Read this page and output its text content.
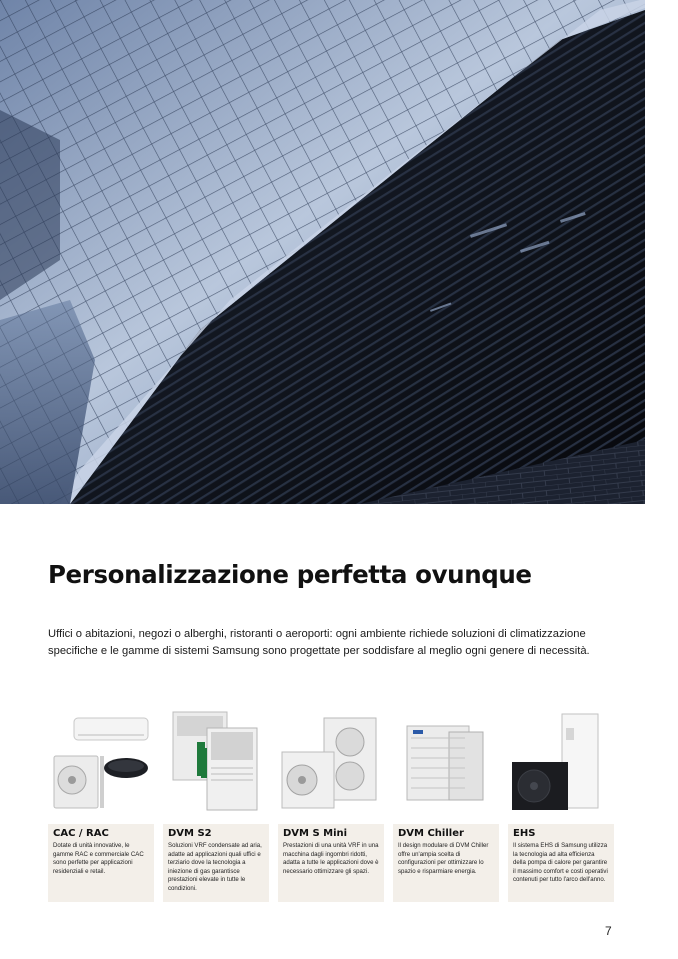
Personalizzazione perfetta ovunque

Uffici o abitazioni, negozi o alberghi, ristoranti o aeroporti: ogni ambiente richiede soluzioni di climatizzazione specifiche e le gamme di sistemi Samsung sono progettate per soddisfare al meglio ogni genere di necessità.

CAC / RAC

Dotate di unità innovative, le gamme RAC e commerciale CAC sono perfette per applicazioni residenziali e retail.

DVM S2

Soluzioni VRF condensate ad aria, adatte ad applicazioni quali uffici e terziario dove la tecnologia a iniezione di gas garantisce prestazioni elevate in tutte le condizioni.

DVM S Mini

Prestazioni di una unità VRF in una macchina dagli ingombri ridotti, adatta a tutte le applicazioni dove è necessario ottimizzare gli spazi.

DVM Chiller

Il design modulare di DVM Chiller offre un'ampia scelta di configurazioni per ottimizzare lo spazio e risparmiare energia.

EHS

Il sistema EHS di Samsung utilizza la tecnologia ad alta efficienza della pompa di calore per garantire il massimo comfort e costi operativi contenuti per tutto l'arco dell'anno.

7
